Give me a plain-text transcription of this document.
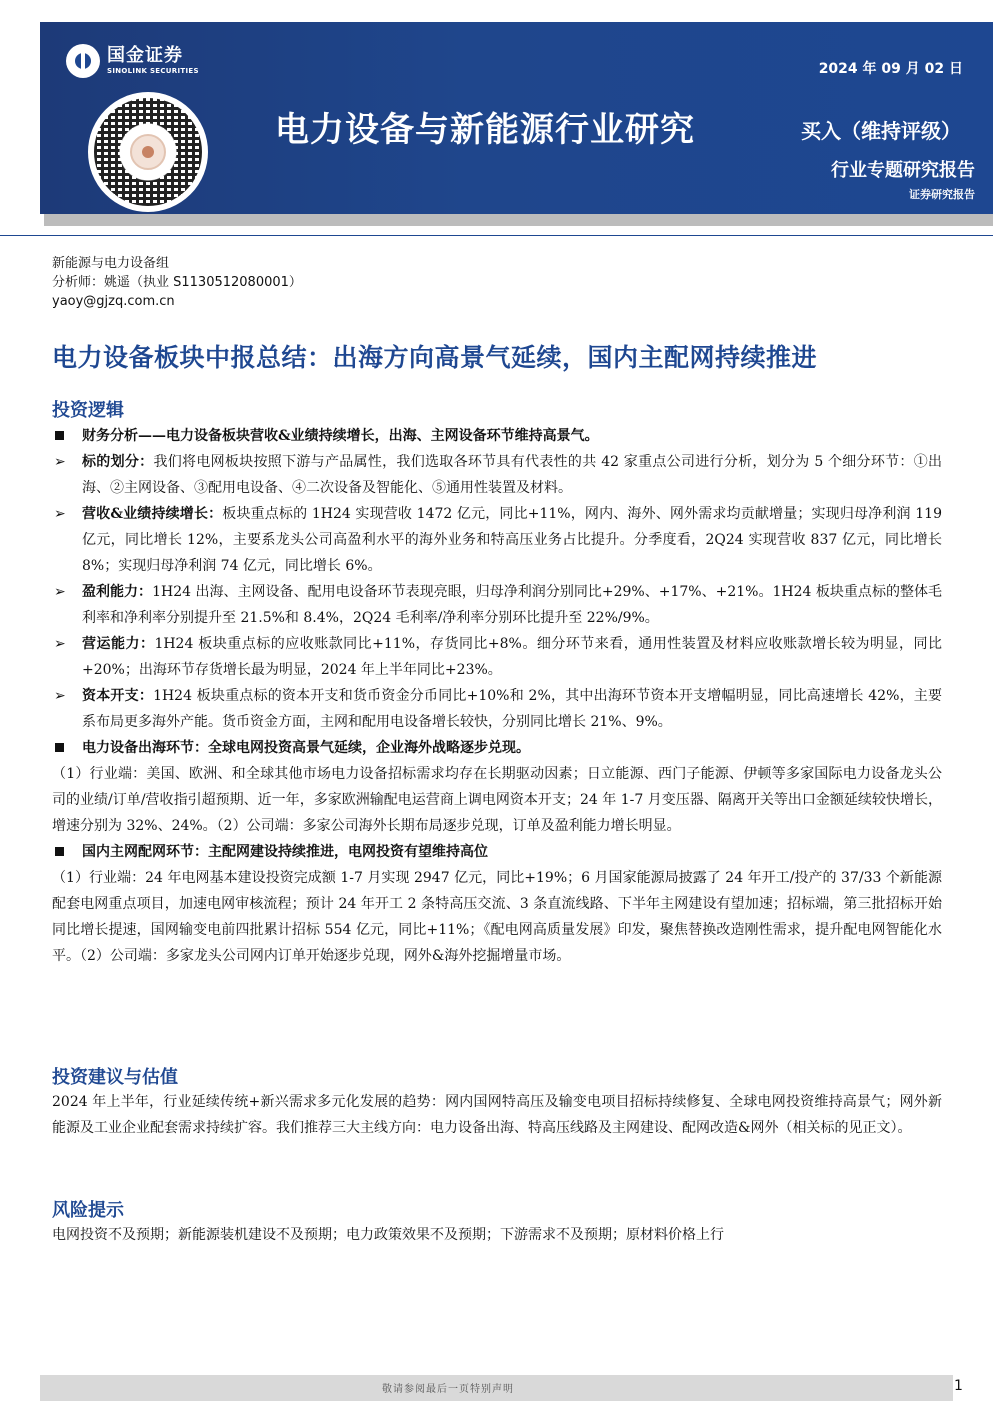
国金证券
SINOLINK SECURITIES
电力设备与新能源行业研究
2024 年 09 月 02 日
买入（维持评级）
行业专题研究报告
证券研究报告
新能源与电力设备组
分析师：姚遥（执业 S1130512080001）
yaoy@gjzq.com.cn
电力设备板块中报总结：出海方向高景气延续，国内主配网持续推进
投资逻辑
财务分析——电力设备板块营收&业绩持续增长，出海、主网设备环节维持高景气。
➢	标的划分：我们将电网板块按照下游与产品属性，我们选取各环节具有代表性的共 42 家重点公司进行分析，划分为 5 个细分环节：①出海、②主网设备、③配用电设备、④二次设备及智能化、⑤通用性装置及材料。
➢	营收&业绩持续增长：板块重点标的 1H24 实现营收 1472 亿元，同比+11%，网内、海外、网外需求均贡献增量；实现归母净利润 119 亿元，同比增长 12%，主要系龙头公司高盈利水平的海外业务和特高压业务占比提升。分季度看，2Q24 实现营收 837 亿元，同比增长 8%；实现归母净利润 74 亿元，同比增长 6%。
➢	盈利能力：1H24 出海、主网设备、配用电设备环节表现亮眼，归母净利润分别同比+29%、+17%、+21%。1H24 板块重点标的整体毛利率和净利率分别提升至 21.5%和 8.4%，2Q24 毛利率/净利率分别环比提升至 22%/9%。
➢	营运能力：1H24 板块重点标的应收账款同比+11%，存货同比+8%。细分环节来看，通用性装置及材料应收账款增长较为明显，同比+20%；出海环节存货增长最为明显，2024 年上半年同比+23%。
➢	资本开支：1H24 板块重点标的资本开支和货币资金分币同比+10%和 2%，其中出海环节资本开支增幅明显，同比高速增长 42%，主要系布局更多海外产能。货币资金方面，主网和配用电设备增长较快，分别同比增长 21%、9%。
电力设备出海环节：全球电网投资高景气延续，企业海外战略逐步兑现。
（1）行业端：美国、欧洲、和全球其他市场电力设备招标需求均存在长期驱动因素；日立能源、西门子能源、伊顿等多家国际电力设备龙头公司的业绩/订单/营收指引超预期、近一年，多家欧洲输配电运营商上调电网资本开支；24 年 1-7 月变压器、隔离开关等出口金额延续较快增长，增速分别为 32%、24%。（2）公司端：多家公司海外长期布局逐步兑现，订单及盈利能力增长明显。
国内主网配网环节：主配网建设持续推进，电网投资有望维持高位
（1）行业端：24 年电网基本建设投资完成额 1-7 月实现 2947 亿元，同比+19%；6 月国家能源局披露了 24 年开工/投产的 37/33 个新能源配套电网重点项目，加速电网审核流程；预计 24 年开工 2 条特高压交流、3 条直流线路、下半年主网建设有望加速；招标端，第三批招标开始同比增长提速，国网输变电前四批累计招标 554 亿元，同比+11%；《配电网高质量发展》印发，聚焦替换改造刚性需求，提升配电网智能化水平。（2）公司端：多家龙头公司网内订单开始逐步兑现，网外&海外挖掘增量市场。
投资建议与估值
2024 年上半年，行业延续传统+新兴需求多元化发展的趋势：网内国网特高压及输变电项目招标持续修复、全球电网投资维持高景气；网外新能源及工业企业配套需求持续扩容。我们推荐三大主线方向：电力设备出海、特高压线路及主网建设、配网改造&网外（相关标的见正文）。
风险提示
电网投资不及预期；新能源装机建设不及预期；电力政策效果不及预期；下游需求不及预期；原材料价格上行
敬请参阅最后一页特别声明	1
